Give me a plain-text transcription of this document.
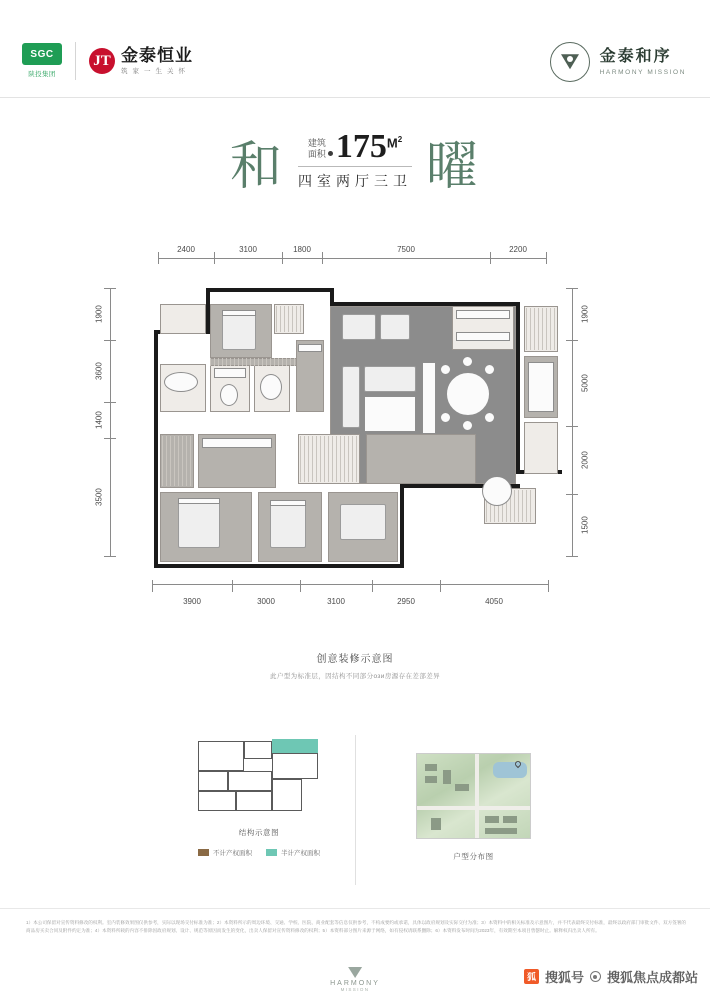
SGC
陕投集团
JT 金泰恒业
筑 家 一 生 关 怀
金泰和序
HARMONY MISSION
和	建筑
面积 175 $M^2$
四室两厅三卫 曜
2400	3100	1800	7500	2200
1900
3600
1400
3500
1900
5000
2000
1500
3900	3000	3100	2950	4050
创意装修示意图
此户型为标准层，因结构不同部分ози房源存在差部差异
结构示意图
不计产权面积	半计产权面积	户型分布图
1）本公司保留对宣传资料修改的权利。室内装修效果图仅供参考，实际以现场交付标准为准；2）本资料所示的周边环境、交通、学校、医院、商业配套等信息仅供参考，不构成要约或承诺，具体以政府规划及实际交付为准；3）本资料中的相关标准及示意图片，并不代表最终交付标准，最终以政府部门审批文件、双方签署的商品房买卖合同及附件约定为准；4）本资料所载的内容不排除因政府规划、设计、规范等原因而发生的变化，出卖人保留对宣传资料修改的权利；5）本资料部分图片来源于网络，如有侵权请联系删除；6）本资料发布时间为2023年，有效期至本项目售罄时止。解释权归出卖人所有。
HARMONY
MISSION
狐 搜狐号 搜狐焦点成都站
